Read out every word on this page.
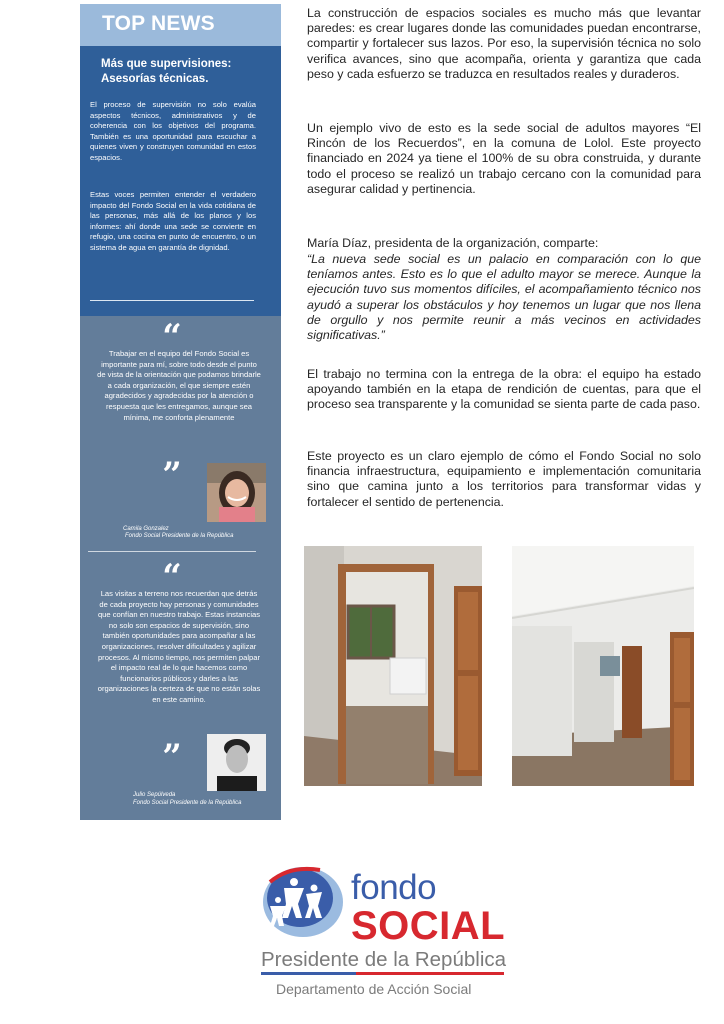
TOP NEWS
Más que supervisiones: Asesorías técnicas.

El proceso de supervisión no solo evalúa aspectos técnicos, administrativos y de coherencia con los objetivos del programa. También es una oportunidad para escuchar a quienes viven y construyen comunidad en estos espacios.

Estas voces permiten entender el verdadero impacto del Fondo Social en la vida cotidiana de las personas, más allá de los planos y los informes: ahí donde una sede se convierte en refugio, una cocina en punto de encuentro, o un sistema de agua en garantía de dignidad.

“

Trabajar en el equipo del Fondo Social es importante para mí, sobre todo desde el punto de vista de la orientación que podamos brindarle a cada organización, el que siempre estén agradecidos y agradecidas por la atención o respuesta que les entregamos, aunque sea mínima, me conforta plenamente

”
Camila Gonzalez
Fondo Social Presidente de la República
“

Las visitas a terreno nos recuerdan que detrás de cada proyecto hay personas y comunidades que confían en nuestro trabajo. Estas instancias no solo son espacios de supervisión, sino también oportunidades para acompañar a las organizaciones, resolver dificultades y agilizar procesos. Al mismo tiempo, nos permiten palpar el impacto real de lo que hacemos como funcionarios públicos y darles a las organizaciones la certeza de que no están solas en este camino.

”
Julio Sepúlveda
Fondo Social Presidente de la República

La construcción de espacios sociales es mucho más que levantar paredes: es crear lugares donde las comunidades puedan encontrarse, compartir y fortalecer sus lazos. Por eso, la supervisión técnica no solo verifica avances, sino que acompaña, orienta y garantiza que cada peso y cada esfuerzo se traduzca en resultados reales y duraderos.

Un ejemplo vivo de esto es la sede social de adultos mayores “El Rincón de los Recuerdos”, en la comuna de Lolol. Este proyecto financiado en 2024 ya tiene el 100% de su obra construida, y durante todo el proceso se realizó un trabajo cercano con la comunidad para asegurar calidad y pertinencia.

María Díaz, presidenta de la organización, comparte:

“La nueva sede social es un palacio en comparación con lo que teníamos antes. Esto es lo que el adulto mayor se merece. Aunque la ejecución tuvo sus momentos difíciles, el acompañamiento técnico nos ayudó a superar los obstáculos y hoy tenemos un lugar que nos llena de orgullo y nos permite reunir a más vecinos en actividades significativas.”

El trabajo no termina con la entrega de la obra: el equipo ha estado apoyando también en la etapa de rendición de cuentas, para que el proceso sea transparente y la comunidad se sienta parte de cada paso.

Este proyecto es un claro ejemplo de cómo el Fondo Social no solo financia infraestructura, equipamiento e implementación comunitaria sino que camina junto a los territorios para transformar vidas y fortalecer el sentido de pertenencia.

fondo
SOCIAL
Presidente de la República
Departamento de Acción Social
